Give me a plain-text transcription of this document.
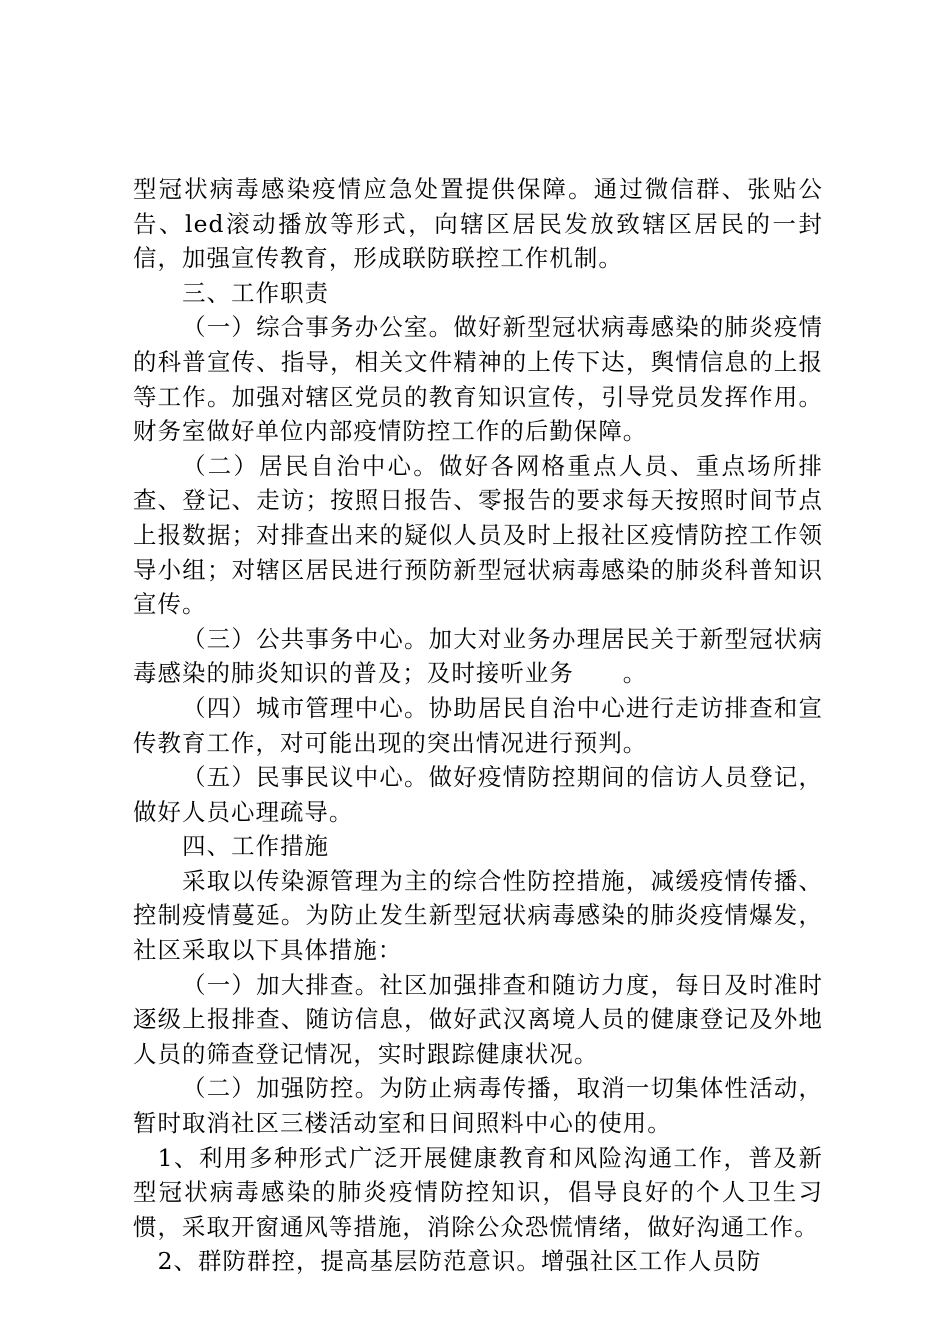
型冠状病毒感染疫情应急处置提供保障。通过微信群、张贴公告、led滚动播放等形式，向辖区居民发放致辖区居民的一封信，加强宣传教育，形成联防联控工作机制。

三、工作职责

（一）综合事务办公室。做好新型冠状病毒感染的肺炎疫情的科普宣传、指导，相关文件精神的上传下达，舆情信息的上报等工作。加强对辖区党员的教育知识宣传，引导党员发挥作用。财务室做好单位内部疫情防控工作的后勤保障。

（二）居民自治中心。做好各网格重点人员、重点场所排查、登记、走访；按照日报告、零报告的要求每天按照时间节点上报数据；对排查出来的疑似人员及时上报社区疫情防控工作领导小组；对辖区居民进行预防新型冠状病毒感染的肺炎科普知识宣传。

（三）公共事务中心。加大对业务办理居民关于新型冠状病毒感染的肺炎知识的普及；及时接听业务　　。

（四）城市管理中心。协助居民自治中心进行走访排查和宣传教育工作，对可能出现的突出情况进行预判。

（五）民事民议中心。做好疫情防控期间的信访人员登记，做好人员心理疏导。

四、工作措施

采取以传染源管理为主的综合性防控措施，减缓疫情传播、控制疫情蔓延。为防止发生新型冠状病毒感染的肺炎疫情爆发，社区采取以下具体措施：

（一）加大排查。社区加强排查和随访力度，每日及时准时逐级上报排查、随访信息，做好武汉离境人员的健康登记及外地人员的筛查登记情况，实时跟踪健康状况。

（二）加强防控。为防止病毒传播，取消一切集体性活动，暂时取消社区三楼活动室和日间照料中心的使用。

1、利用多种形式广泛开展健康教育和风险沟通工作，普及新型冠状病毒感染的肺炎疫情防控知识，倡导良好的个人卫生习惯，采取开窗通风等措施，消除公众恐慌情绪，做好沟通工作。

2、群防群控，提高基层防范意识。增强社区工作人员防
